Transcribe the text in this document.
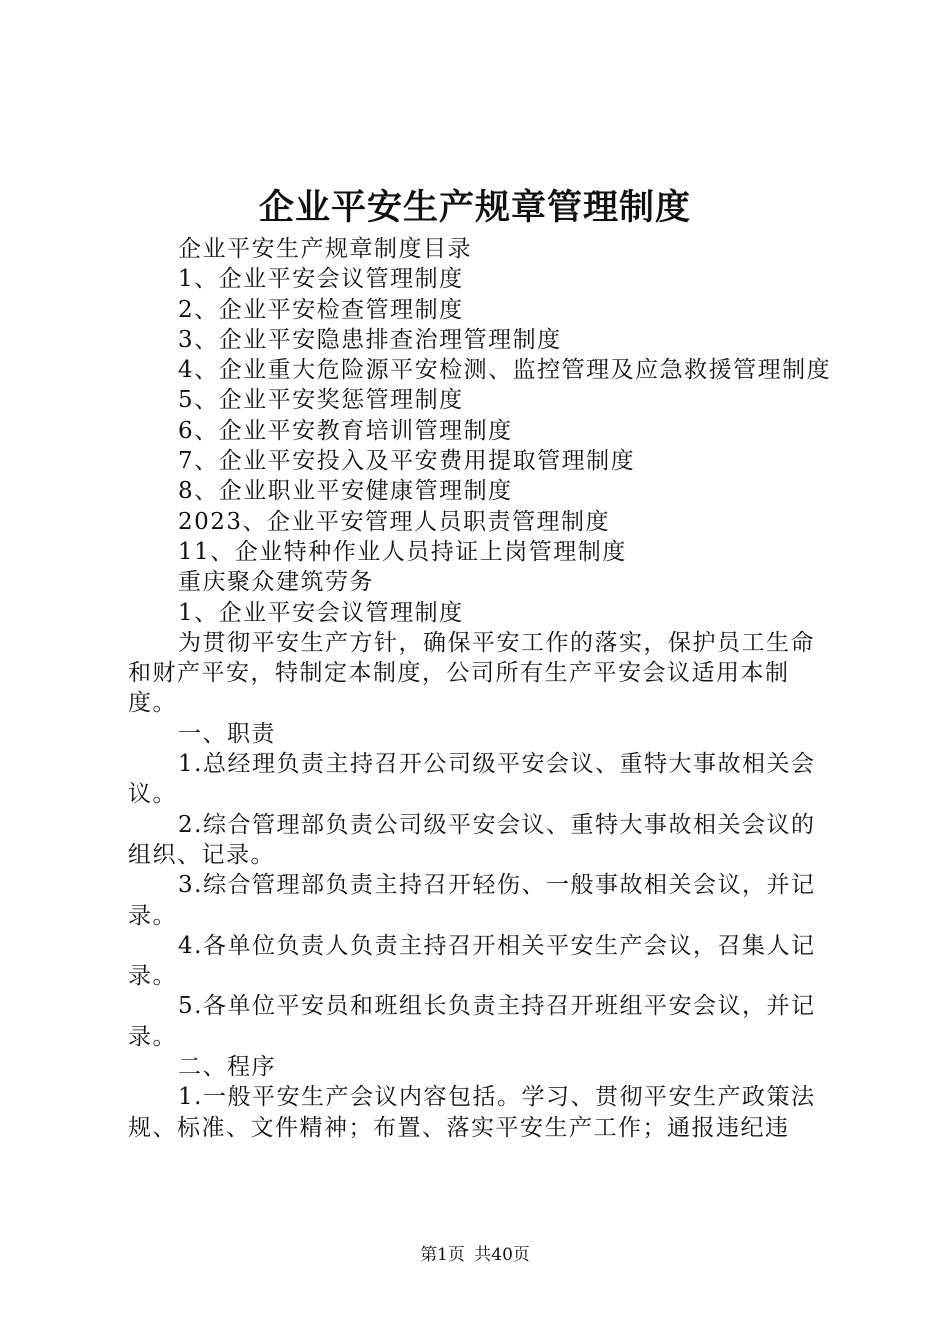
企业平安生产规章管理制度

企业平安生产规章制度目录

1、企业平安会议管理制度

2、企业平安检查管理制度

3、企业平安隐患排查治理管理制度

4、企业重大危险源平安检测、监控管理及应急救援管理制度

5、企业平安奖惩管理制度

6、企业平安教育培训管理制度

7、企业平安投入及平安费用提取管理制度

8、企业职业平安健康管理制度

2023、企业平安管理人员职责管理制度

11、企业特种作业人员持证上岗管理制度

重庆聚众建筑劳务

1、企业平安会议管理制度

为贯彻平安生产方针，确保平安工作的落实，保护员工生命和财产平安，特制定本制度，公司所有生产平安会议适用本制度。

一、职责

1.总经理负责主持召开公司级平安会议、重特大事故相关会议。

2.综合管理部负责公司级平安会议、重特大事故相关会议的组织、记录。

3.综合管理部负责主持召开轻伤、一般事故相关会议，并记录。

4.各单位负责人负责主持召开相关平安生产会议，召集人记录。

5.各单位平安员和班组长负责主持召开班组平安会议，并记录。

二、程序

1.一般平安生产会议内容包括。学习、贯彻平安生产政策法规、标准、文件精神；布置、落实平安生产工作；通报违纪违

第1页 共40页
